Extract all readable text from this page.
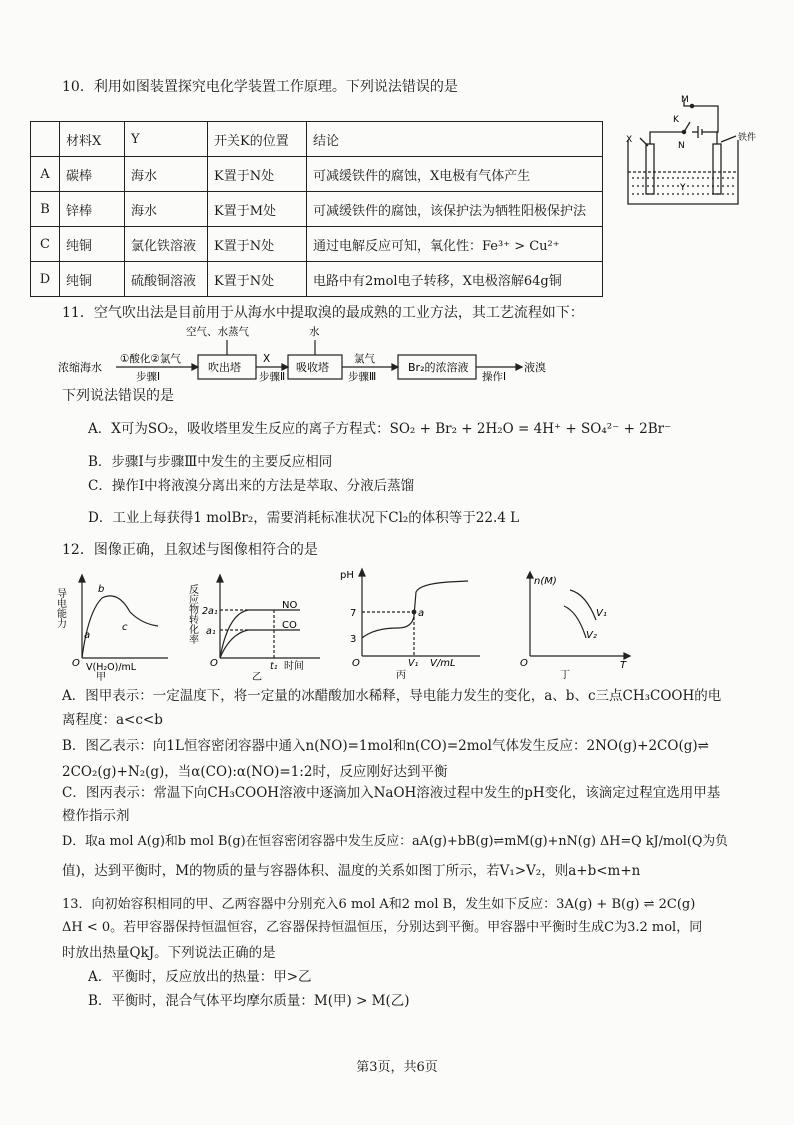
10．利用如图装置探究电化学装置工作原理。下列说法错误的是
	材料X	Y	开关K的位置	结论
A	碳棒	海水	K置于N处	可减缓铁件的腐蚀，X电极有气体产生
B	锌棒	海水	K置于M处	可减缓铁件的腐蚀，该保护法为牺牲阳极保护法
C	纯铜	氯化铁溶液	K置于N处	通过电解反应可知，氧化性：Fe³⁺ > Cu²⁺
D	纯铜	硫酸铜溶液	K置于N处	电路中有2mol电子转移，X电极溶解64g铜
M
K
N
X
Y
铁件
11．空气吹出法是目前用于从海水中提取溴的最成熟的工业方法，其工艺流程如下：
浓缩海水
①酸化②氯气
步骤Ⅰ
吹出塔
空气、水蒸气
X
步骤Ⅱ
吸收塔
水
氯气
步骤Ⅲ
Br₂的浓溶液
操作Ⅰ
液溴
下列说法错误的是
A．X可为SO₂，吸收塔里发生反应的离子方程式：SO₂ + Br₂ + 2H₂O = 4H⁺ + SO₄²⁻ + 2Br⁻
B．步骤Ⅰ与步骤Ⅲ中发生的主要反应相同
C．操作Ⅰ中将液溴分离出来的方法是萃取、分液后蒸馏
D．工业上每获得1 molBr₂，需要消耗标准状况下Cl₂的体积等于22.4 L
12．图像正确，且叙述与图像相符合的是
导电能力
O
a
b
c
V(H₂O)/mL
甲
反应物转化率 2a₁
a₁
NO
CO
O	t₁ 时间
乙
pH
7
3
a
O	V₁ V/mL
丙
n(M)
V₁
V₂
O	T
丁
A．图甲表示：一定温度下，将一定量的冰醋酸加水稀释，导电能力发生的变化，a、b、c三点CH₃COOH的电
离程度：a<c<b
B．图乙表示：向1L恒容密闭容器中通入n(NO)=1mol和n(CO)=2mol气体发生反应：2NO(g)+2CO(g)⇌
2CO₂(g)+N₂(g)，当α(CO):α(NO)=1:2时，反应刚好达到平衡
C．图丙表示：常温下向CH₃COOH溶液中逐滴加入NaOH溶液过程中发生的pH变化，该滴定过程宜选用甲基
橙作指示剂
D．取a mol A(g)和b mol B(g)在恒容密闭容器中发生反应：aA(g)+bB(g)⇌mM(g)+nN(g) ΔH=Q kJ/mol(Q为负
值)，达到平衡时，M的物质的量与容器体积、温度的关系如图丁所示，若V₁>V₂，则a+b<m+n
13．向初始容积相同的甲、乙两容器中分别充入6 mol A和2 mol B，发生如下反应：3A(g) + B(g) ⇌ 2C(g)
ΔH < 0。若甲容器保持恒温恒容，乙容器保持恒温恒压，分别达到平衡。甲容器中平衡时生成C为3.2 mol，同
时放出热量QkJ。下列说法正确的是
A．平衡时，反应放出的热量：甲>乙
B．平衡时，混合气体平均摩尔质量：M(甲) > M(乙)
第3页，共6页
